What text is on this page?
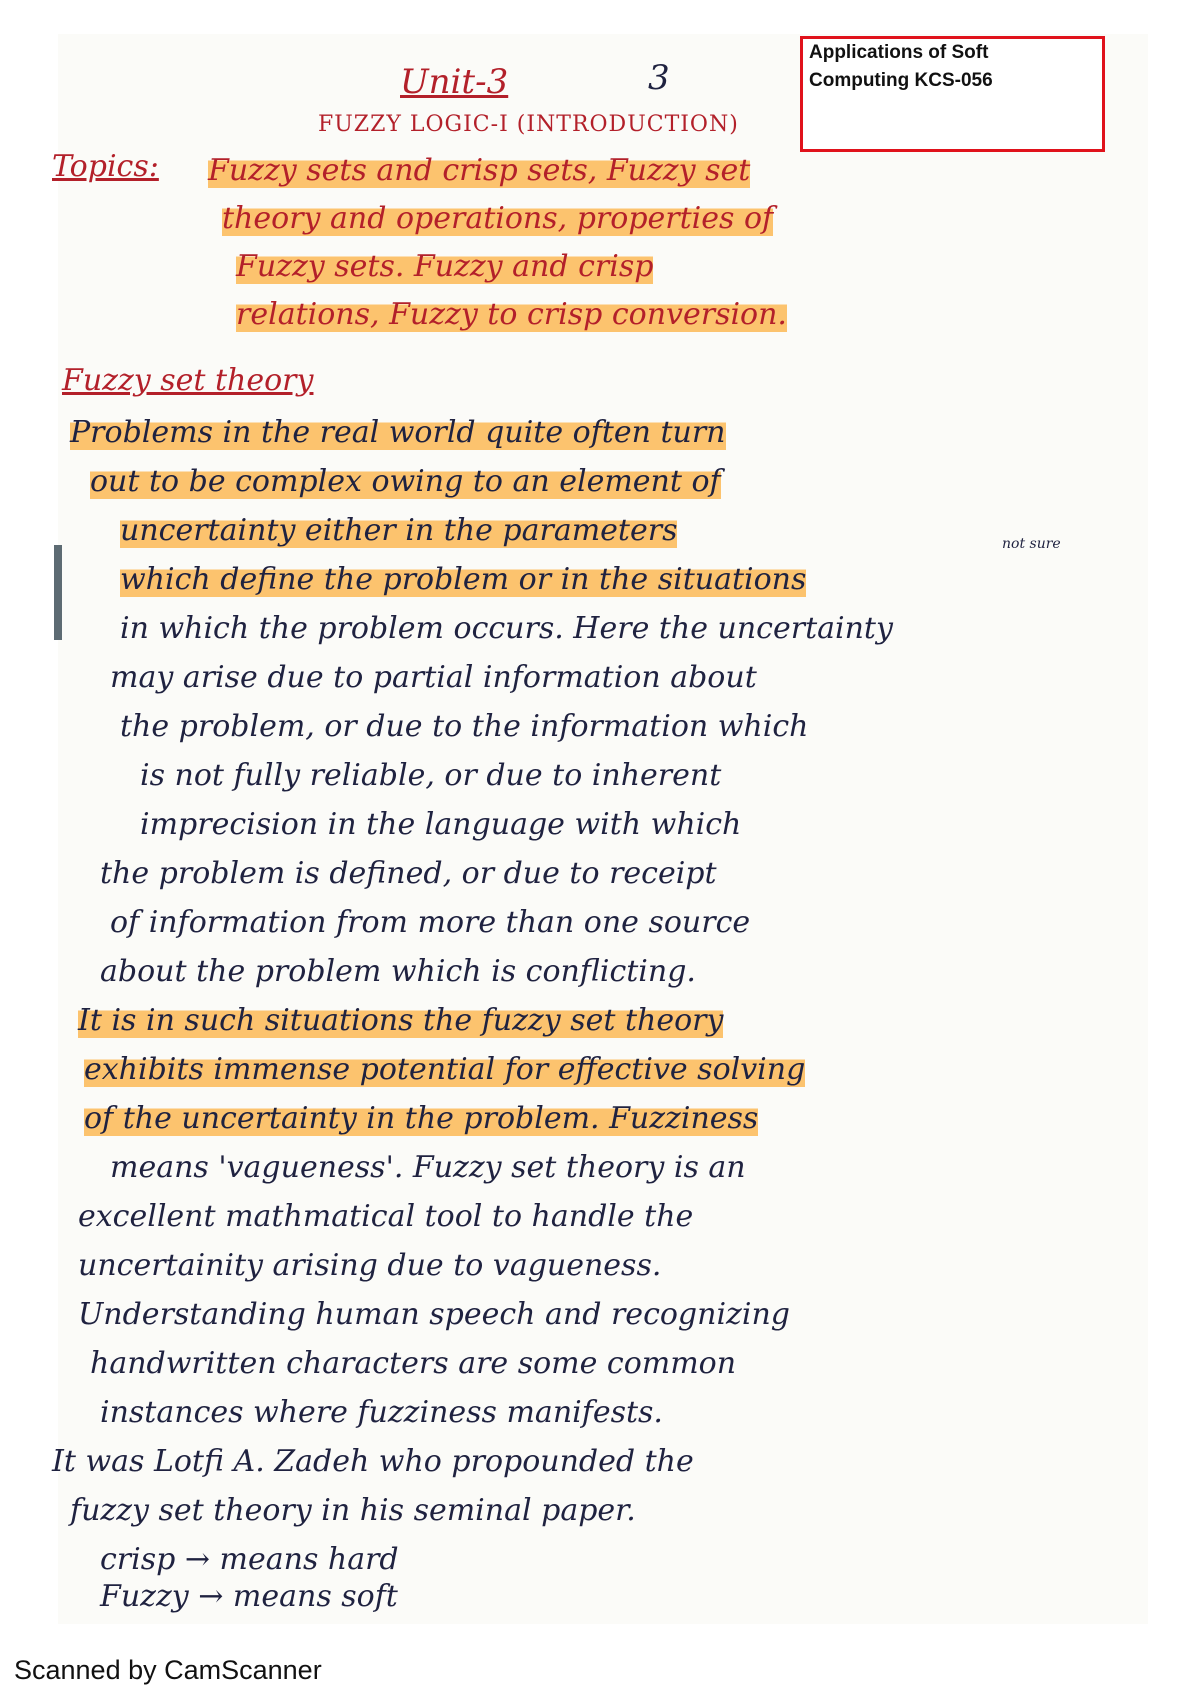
Applications of Soft

Computing KCS-056

3
Unit-3
FUZZY LOGIC-I (INTRODUCTION)
Topics: Fuzzy sets and crisp sets, Fuzzy set
theory and operations, properties of
Fuzzy sets. Fuzzy and crisp
relations, Fuzzy to crisp conversion.
Fuzzy set theory
Problems in the real world quite often turn
out to be complex owing to an element of
uncertainty either in the parameters
which define the problem or in the situations
not sure
in which the problem occurs. Here the uncertainty
may arise due to partial information about
the problem, or due to the information which
is not fully reliable, or due to inherent
imprecision in the language with which
the problem is defined, or due to receipt
of information from more than one source
about the problem which is conflicting.
It is in such situations the fuzzy set theory
exhibits immense potential for effective solving
of the uncertainty in the problem. Fuzziness
means 'vagueness'. Fuzzy set theory is an
excellent mathmatical tool to handle the
uncertainity arising due to vagueness.
Understanding human speech and recognizing
handwritten characters are some common
instances where fuzziness manifests.
It was Lotfi A. Zadeh who propounded the
fuzzy set theory in his seminal paper.
crisp → means hard
Fuzzy → means soft
Scanned by CamScanner
